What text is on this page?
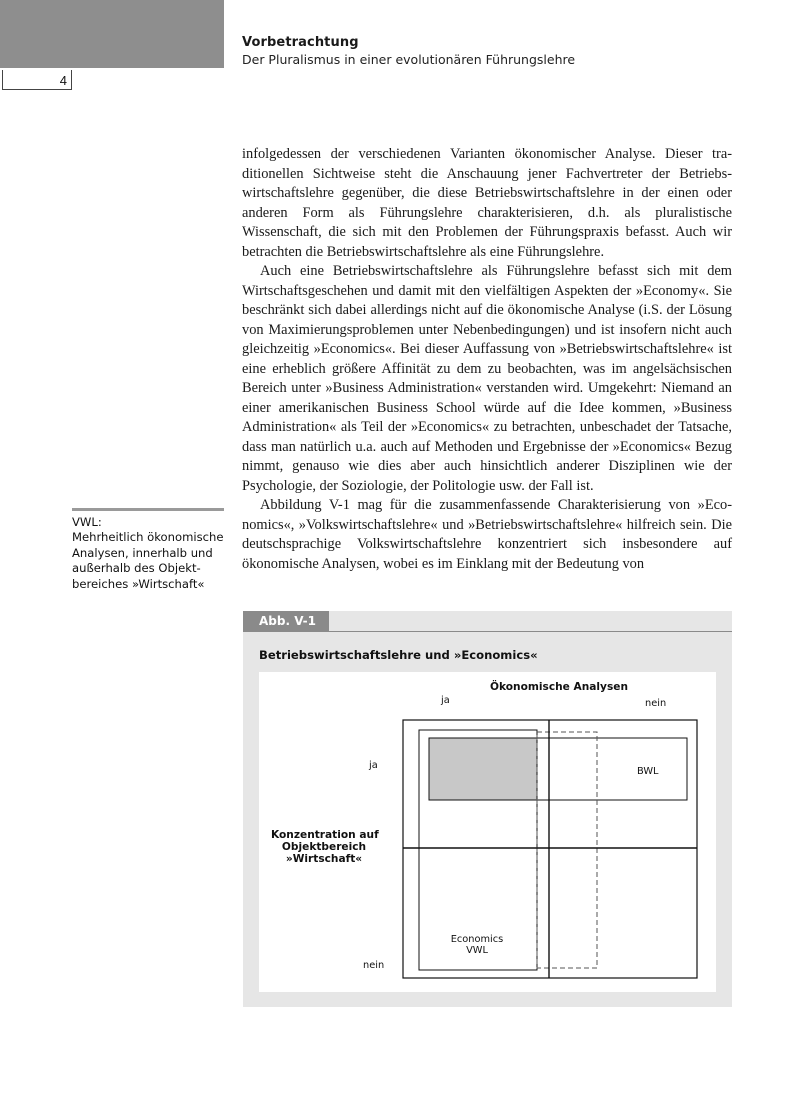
4
Vorbetrachtung
Der Pluralismus in einer evolutionären Führungslehre

infolgedessen der verschiedenen Varianten ökonomischer Analyse. Dieser traditionellen Sichtweise steht die Anschauung jener Fachvertreter der Betriebswirtschaftslehre gegenüber, die diese Betriebswirtschaftslehre in der einen oder anderen Form als Führungslehre charakterisieren, d.h. als pluralistische Wissenschaft, die sich mit den Problemen der Führungspraxis befasst. Auch wir betrachten die Betriebswirtschaftslehre als eine Führungslehre.

Auch eine Betriebswirtschaftslehre als Führungslehre befasst sich mit dem Wirtschaftsgeschehen und damit mit den vielfältigen Aspekten der »Economy«. Sie beschränkt sich dabei allerdings nicht auf die ökonomische Analyse (i.S. der Lösung von Maximierungsproblemen unter Nebenbedingungen) und ist insofern nicht auch gleichzeitig »Economics«. Bei dieser Auffassung von »Betriebswirtschaftslehre« ist eine erheblich größere Affinität zu dem zu beobachten, was im angelsächsischen Bereich unter »Business Administration« verstanden wird. Umgekehrt: Niemand an einer amerikanischen Business School würde auf die Idee kommen, »Business Administration« als Teil der »Economics« zu betrachten, unbeschadet der Tatsache, dass man natürlich u.a. auch auf Methoden und Ergebnisse der »Economics« Bezug nimmt, genauso wie dies aber auch hinsichtlich anderer Disziplinen wie der Psychologie, der Soziologie, der Politologie usw. der Fall ist.

Abbildung V-1 mag für die zusammenfassende Charakterisierung von »Economics«, »Volkswirtschaftslehre« und »Betriebswirtschaftslehre« hilfreich sein. Die deutschsprachige Volkswirtschaftslehre konzentriert sich insbesondere auf ökonomische Analysen, wobei es im Einklang mit der Bedeutung von

VWL:
Mehrheitlich ökonomische Analysen, innerhalb und außerhalb des Objektbereiches »Wirtschaft«
Abb. V-1
Betriebswirtschaftslehre und »Economics«
Ökonomische Analysen
ja	nein
ja
nein
Konzentration auf
Objektbereich
»Wirtschaft«
BWL
Economics
VWL
